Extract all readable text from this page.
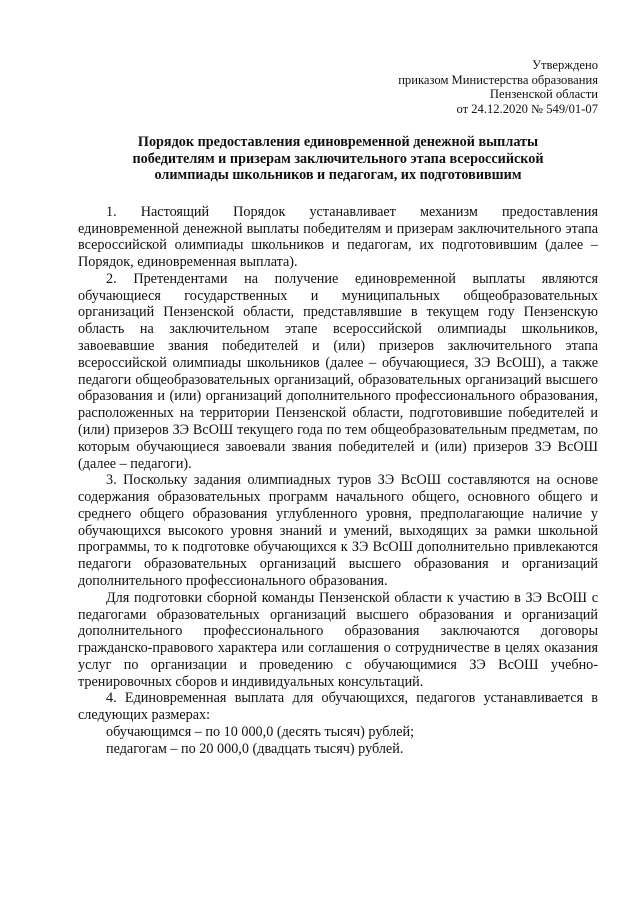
Утверждено
приказом Министерства образования
Пензенской области
от 24.12.2020 № 549/01-07
Порядок предоставления единовременной денежной выплаты
победителям и призерам заключительного этапа всероссийской
олимпиады школьников и педагогам, их подготовившим

1. Настоящий Порядок устанавливает механизм предоставления единовременной денежной выплаты победителям и призерам заключительного этапа всероссийской олимпиады школьников и педагогам, их подготовившим (далее – Порядок, единовременная выплата).

2. Претендентами на получение единовременной выплаты являются обучающиеся государственных и муниципальных общеобразовательных организаций Пензенской области, представлявшие в текущем году Пензенскую область на заключительном этапе всероссийской олимпиады школьников, завоевавшие звания победителей и (или) призеров заключительного этапа всероссийской олимпиады школьников (далее – обучающиеся, ЗЭ ВсОШ), а также педагоги общеобразовательных организаций, образовательных организаций высшего образования и (или) организаций дополнительного профессионального образования, расположенных на территории Пензенской области, подготовившие победителей и (или) призеров ЗЭ ВсОШ текущего года по тем общеобразовательным предметам, по которым обучающиеся завоевали звания победителей и (или) призеров ЗЭ ВсОШ (далее – педагоги).

3. Поскольку задания олимпиадных туров ЗЭ ВсОШ составляются на основе содержания образовательных программ начального общего, основного общего и среднего общего образования углубленного уровня, предполагающие наличие у обучающихся высокого уровня знаний и умений, выходящих за рамки школьной программы, то к подготовке обучающихся к ЗЭ ВсОШ дополнительно привлекаются педагоги образовательных организаций высшего образования и организаций дополнительного профессионального образования.

Для подготовки сборной команды Пензенской области к участию в ЗЭ ВсОШ с педагогами образовательных организаций высшего образования и организаций дополнительного профессионального образования заключаются договоры гражданско-правового характера или соглашения о сотрудничестве в целях оказания услуг по организации и проведению с обучающимися ЗЭ ВсОШ учебно-тренировочных сборов и индивидуальных консультаций.

4. Единовременная выплата для обучающихся, педагогов устанавливается в следующих размерах:

обучающимся – по 10 000,0 (десять тысяч) рублей;

педагогам – по 20 000,0 (двадцать тысяч) рублей.
